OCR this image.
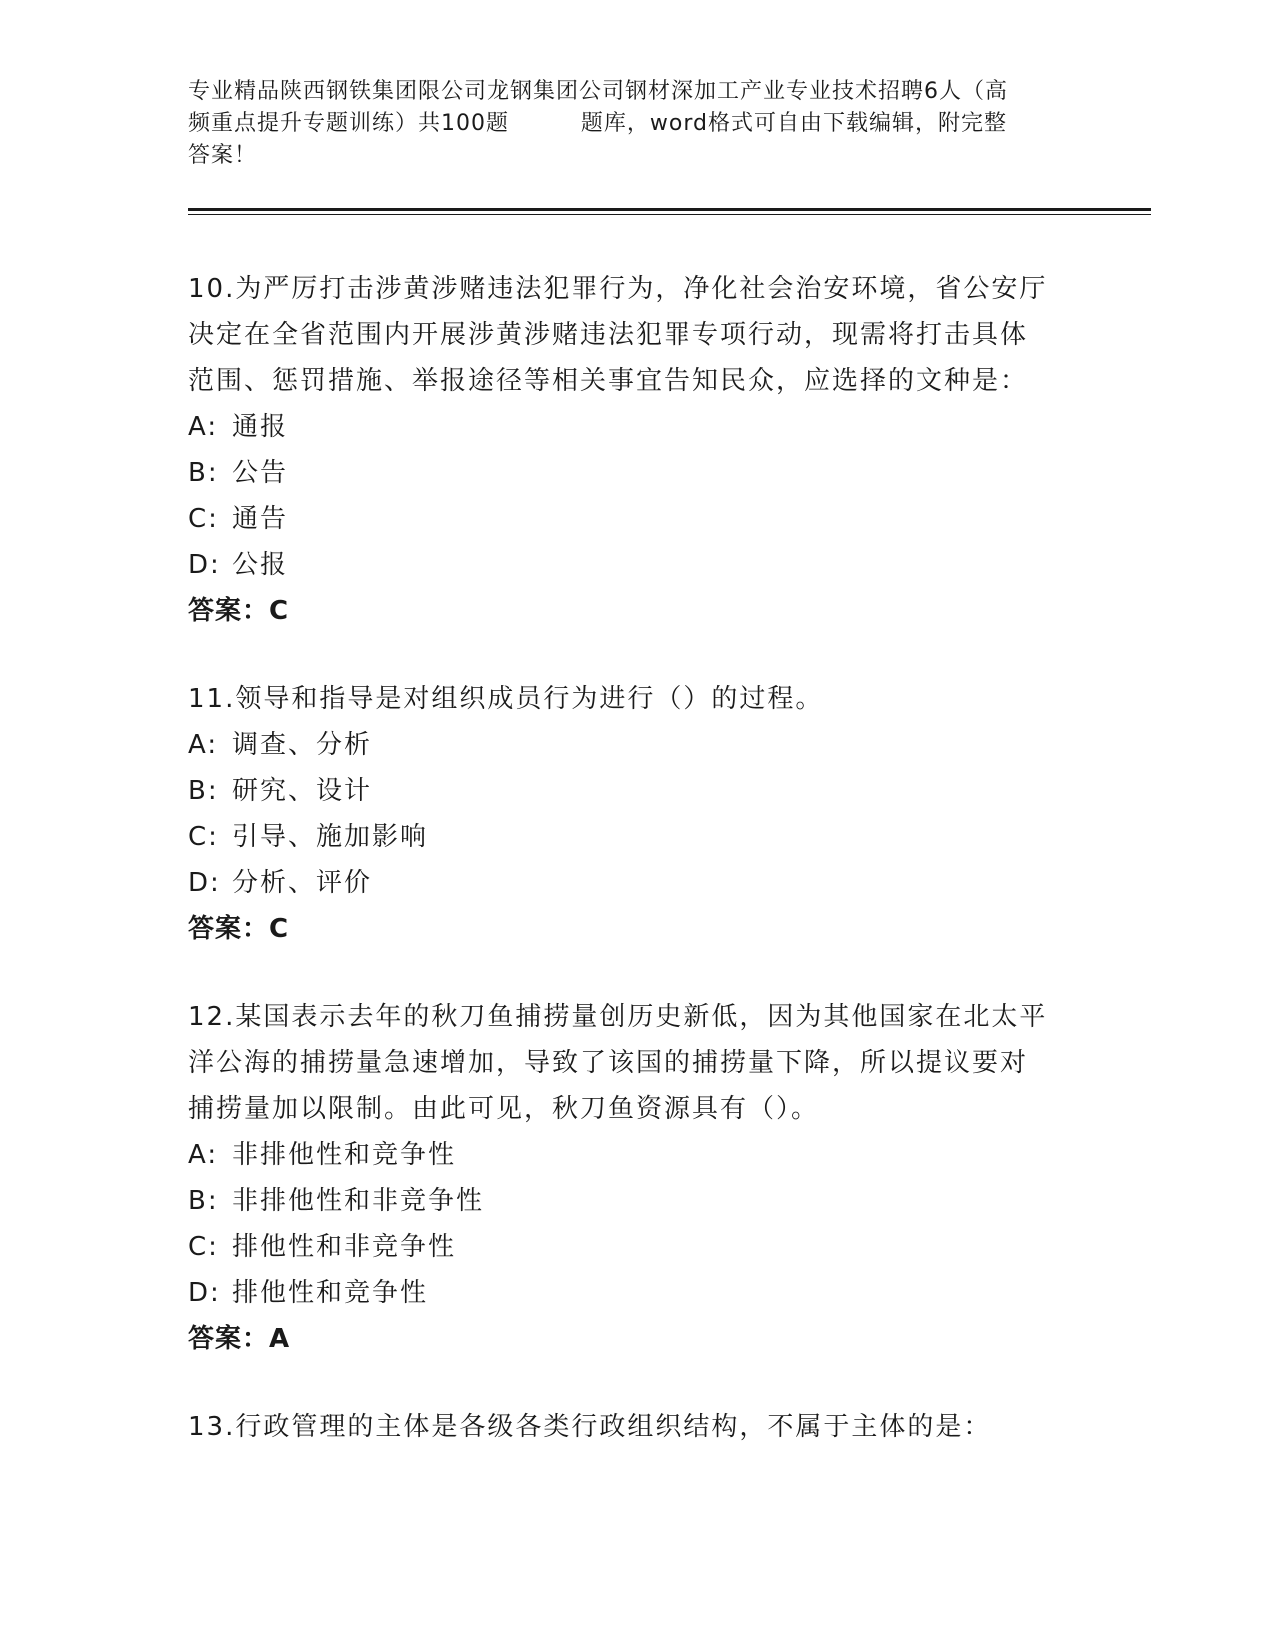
专业精品陕西钢铁集团限公司龙钢集团公司钢材深加工产业专业技术招聘6人（高
频重点提升专题训练）共100题         题库，word格式可自由下载编辑，附完整
答案！
10.为严厉打击涉黄涉赌违法犯罪行为，净化社会治安环境，省公安厅
决定在全省范围内开展涉黄涉赌违法犯罪专项行动，现需将打击具体
范围、惩罚措施、举报途径等相关事宜告知民众，应选择的文种是：
A: 通报
B: 公告
C: 通告
D: 公报
答案：C
11.领导和指导是对组织成员行为进行（）的过程。
A: 调查、分析
B: 研究、设计
C: 引导、施加影响
D: 分析、评价
答案：C
12.某国表示去年的秋刀鱼捕捞量创历史新低，因为其他国家在北太平
洋公海的捕捞量急速增加，导致了该国的捕捞量下降，所以提议要对
捕捞量加以限制。由此可见，秋刀鱼资源具有（）。
A: 非排他性和竞争性
B: 非排他性和非竞争性
C: 排他性和非竞争性
D: 排他性和竞争性
答案：A
13.行政管理的主体是各级各类行政组织结构，不属于主体的是：
